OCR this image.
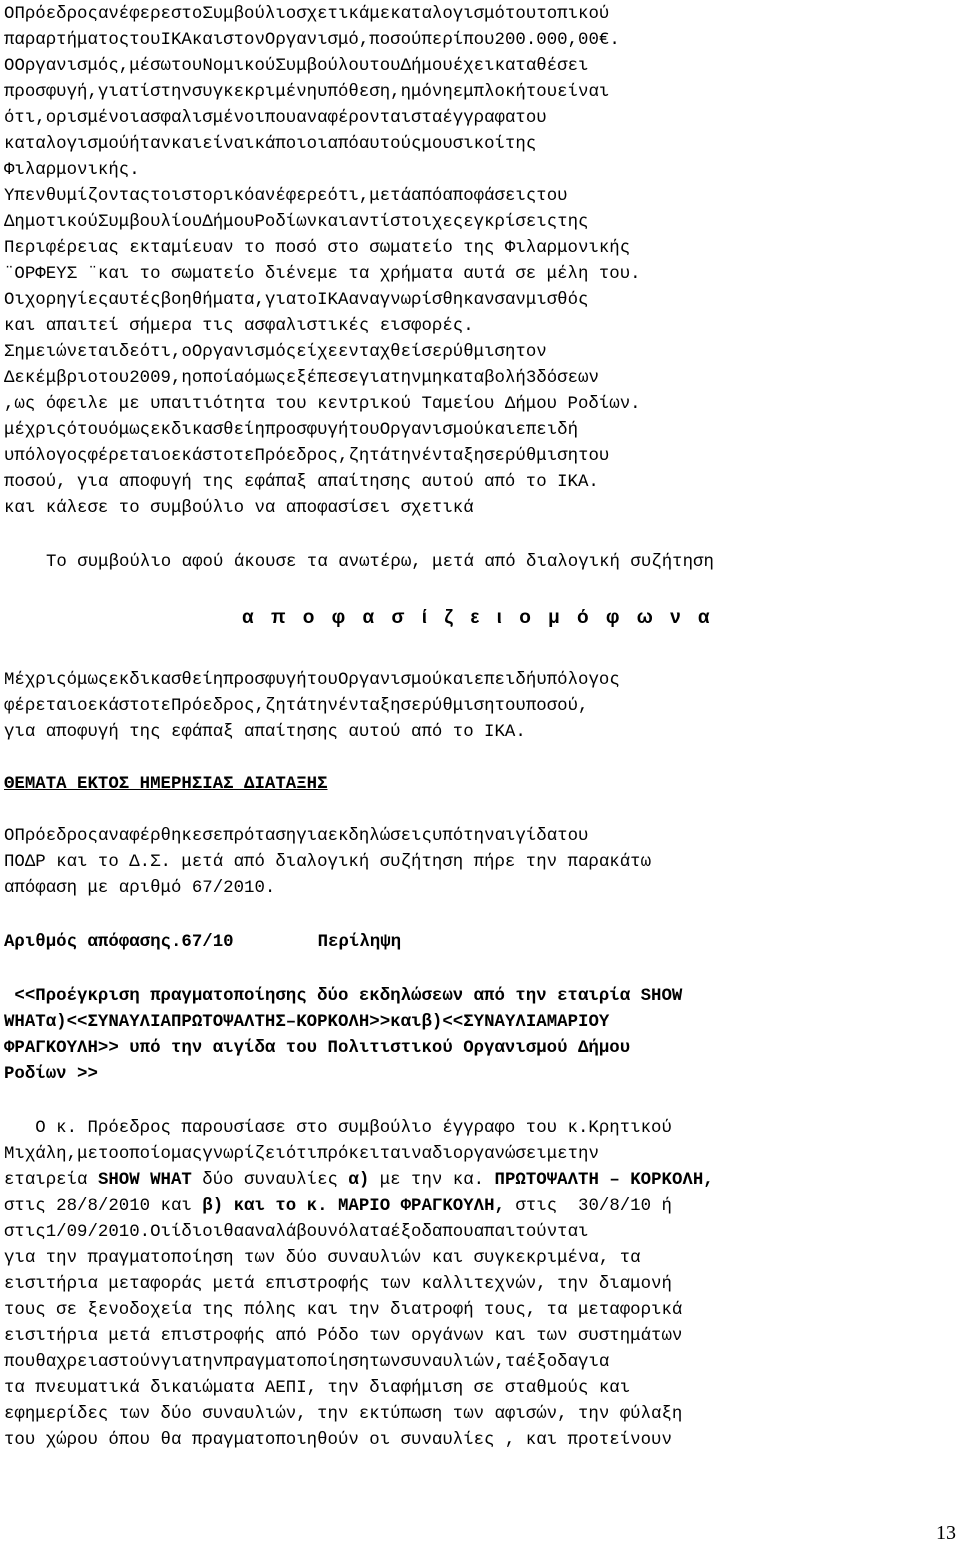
ΟΠρόεδροςανέφερεστοΣυμβούλιοσχετικάμεκαταλογισμότουτοπικού
παραρτήματοςτουΙΚΑκαιστονΟργανισμό,ποσούπερίπου200.000,00€.
ΟΟργανισμός,μέσωτουΝομικούΣυμβούλουτουΔήμουέχεικαταθέσει
προσφυγή,γιατίστηνσυγκεκριμένηυπόθεση,ημόνηεμπλοκήτουείναι
ότι,ορισμένοιασφαλισμένοιπουαναφέρονταισταέγγραφατου
καταλογισμούήτανκαιείναικάποιοιαπόαυτούςμουσικοίτης
Φιλαρμονικής.
Υπενθυμίζονταςτοιστορικόανέφερεότι,μετάαπόαποφάσειςτου
ΔημοτικούΣυμβουλίουΔήμουΡοδίωνκαιαντίστοιχεςεγκρίσειςτης
Περιφέρειας εκταμίευαν το ποσό στο σωματείο της Φιλαρμονικής
¨ΟΡΦΕΥΣ ¨και το σωματείο διένεμε τα χρήματα αυτά σε μέλη του.
Οιχορηγίεςαυτέςβοηθήματα,γιατοΙΚΑαναγνωρίσθηκανσανμισθός
και απαιτεί σήμερα τις ασφαλιστικές εισφορές.
Σημειώνεταιδεότι,οΟργανισμόςείχεενταχθείσερύθμισητον
Δεκέμβριοτου2009,ηοποίαόμωςεξέπεσεγιατηνμηκαταβολή3δόσεων
,ως όφειλε με υπαιτιότητα του κεντρικού Ταμείου Δήμου Ροδίων.
μέχριςότουόμωςεκδικασθείηπροσφυγήτουΟργανισμούκαιεπειδή
υπόλογοςφέρεταιοεκάστοτεΠρόεδρος,ζητάτηνένταξησερύθμισητου
ποσού, για αποφυγή της εφάπαξ απαίτησης αυτού από το ΙΚΑ.
και κάλεσε το συμβούλιο να αποφασίσει σχετικά
Το συμβούλιο αφού άκουσε τα ανωτέρω, μετά από διαλογική συζήτηση
α π ο φ α σ ί ζ ε ι ο μ ό φ ω ν α
ΜέχριςόμωςεκδικασθείηπροσφυγήτουΟργανισμούκαιεπειδήυπόλογος
φέρεταιοεκάστοτεΠρόεδρος,ζητάτηνένταξησερύθμισητουποσού,
για αποφυγή της εφάπαξ απαίτησης αυτού από το ΙΚΑ.
ΘΕΜΑΤΑ ΕΚΤΟΣ ΗΜΕΡΗΣΙΑΣ ΔΙΑΤΑΞΗΣ
ΟΠρόεδροςαναφέρθηκεσεπρότασηγιαεκδηλώσειςυπότηναιγίδατου
ΠΟΔΡ και το Δ.Σ. μετά από διαλογική συζήτηση πήρε την παρακάτω
απόφαση με αριθμό 67/2010.
Αριθμός απόφασης.67/10	Περίληψη
<<Προέγκριση πραγματοποίησης δύο εκδηλώσεων από την εταιρία SHOW
WHATα)<<ΣΥΝΑΥΛΙΑΠΡΩΤΟΨΑΛΤΗΣ–ΚΟΡΚΟΛΗ>>καιβ)<<ΣΥΝΑΥΛΙΑΜΑΡΙΟΥ
ΦΡΑΓΚΟΥΛΗ>> υπό την αιγίδα του Πολιτιστικού Οργανισμού Δήμου
Ροδίων >>
Ο κ. Πρόεδρος παρουσίασε στο συμβούλιο έγγραφο του κ.Κρητικού
Μιχάλη,μετοοποίομαςγνωρίζειότιπρόκειταιναδιοργανώσειμετην
εταιρεία SHOW WHAT δύο συναυλίες α) με την κα. ΠΡΩΤΟΨΑΛΤΗ – ΚΟΡΚΟΛΗ,
στις 28/8/2010 και β) και το κ. ΜΑΡΙΟ ΦΡΑΓΚΟΥΛΗ, στις  30/8/10 ή
στις1/09/2010.Οιίδιοιθααναλάβουνόλαταέξοδαπουαπαιτούνται
για την πραγματοποίηση των δύο συναυλιών και συγκεκριμένα, τα
εισιτήρια μεταφοράς μετά επιστροφής των καλλιτεχνών, την διαμονή
τους σε ξενοδοχεία της πόλης και την διατροφή τους, τα μεταφορικά
εισιτήρια μετά επιστροφής από Ρόδο των οργάνων και των συστημάτων
πουθαχρειαστούνγιατηνπραγματοποίησητωνσυναυλιών,ταέξοδαγια
τα πνευματικά δικαιώματα ΑΕΠΙ, την διαφήμιση σε σταθμούς και
εφημερίδες των δύο συναυλιών, την εκτύπωση των αφισών, την φύλαξη
του χώρου όπου θα πραγματοποιηθούν οι συναυλίες , και προτείνουν
13
